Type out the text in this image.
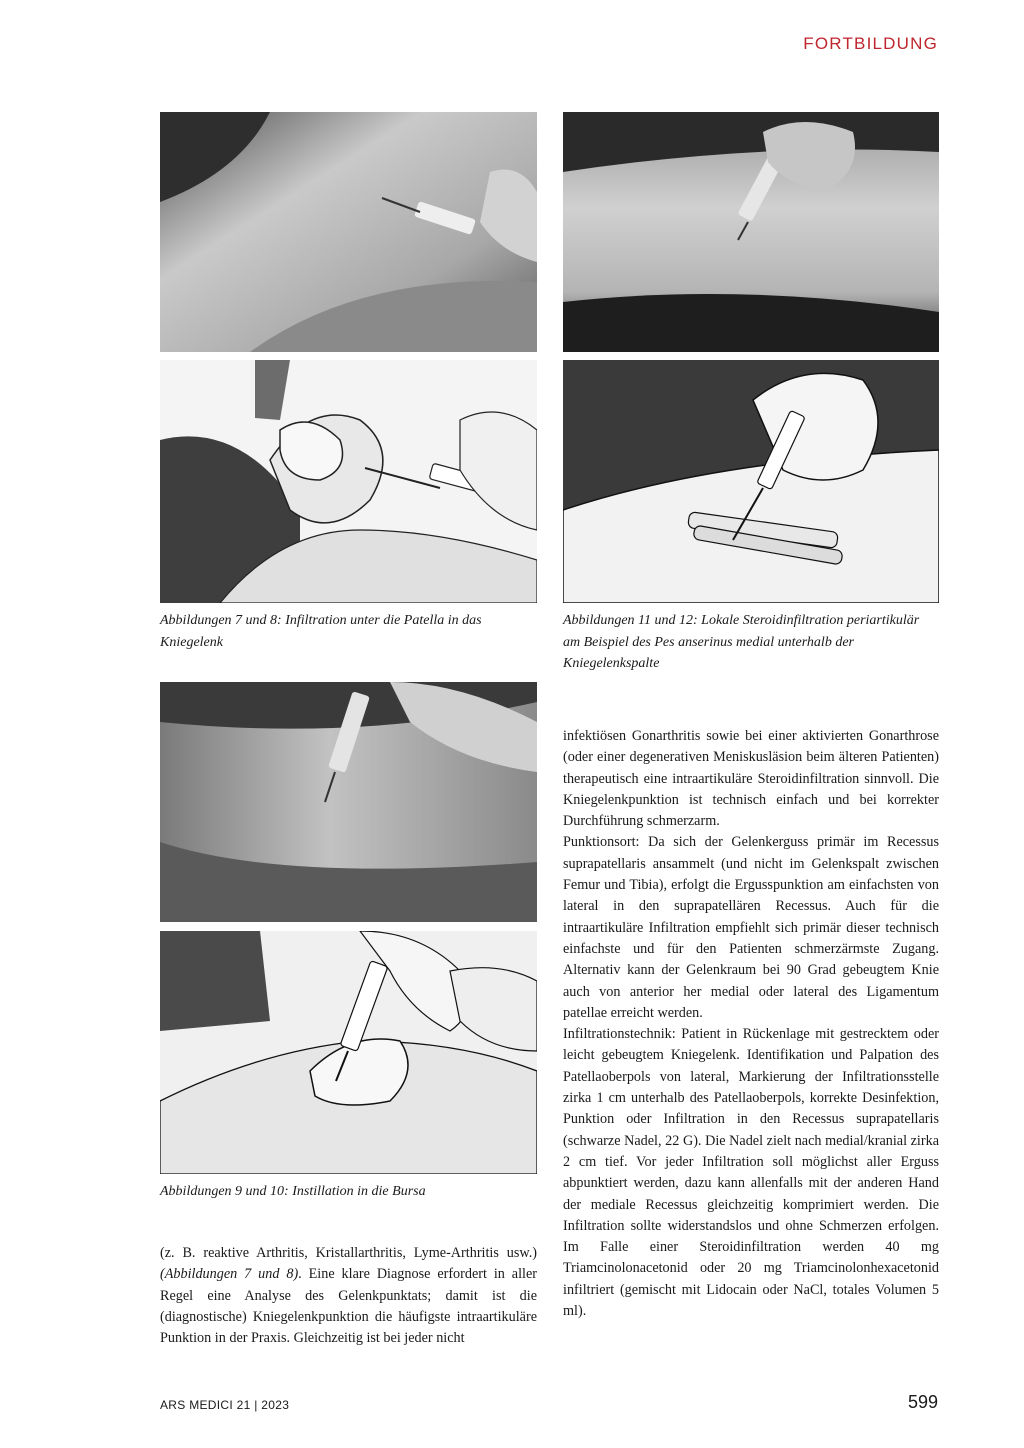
FORTBILDUNG
Abbildungen 7 und 8: Infiltration unter die Patella in das Kniegelenk
Abbildungen 11 und 12: Lokale Steroidinfiltration periartikulär am Beispiel des Pes anserinus medial unterhalb der Kniegelenkspalte
Abbildungen 9 und 10: Instillation in die Bursa

(z. B. reaktive Arthritis, Kristallarthritis, Lyme-Arthritis usw.) (Abbildungen 7 und 8). Eine klare Diagnose erfordert in aller Regel eine Analyse des Gelenkpunktats; damit ist die (diagnostische) Kniegelenkpunktion die häufigste intraartikuläre Punktion in der Praxis. Gleichzeitig ist bei jeder nicht

infektiösen Gonarthritis sowie bei einer aktivierten Gonarthrose (oder einer degenerativen Meniskusläsion beim älteren Patienten) therapeutisch eine intraartikuläre Steroidinfiltration sinnvoll. Die Kniegelenkpunktion ist technisch einfach und bei korrekter Durchführung schmerzarm.

Punktionsort: Da sich der Gelenkerguss primär im Recessus suprapatellaris ansammelt (und nicht im Gelenkspalt zwischen Femur und Tibia), erfolgt die Ergusspunktion am einfachsten von lateral in den suprapatellären Recessus. Auch für die intraartikuläre Infiltration empfiehlt sich primär dieser technisch einfachste und für den Patienten schmerzärmste Zugang. Alternativ kann der Gelenkraum bei 90 Grad gebeugtem Knie auch von anterior her medial oder lateral des Ligamentum patellae erreicht werden.

Infiltrationstechnik: Patient in Rückenlage mit gestrecktem oder leicht gebeugtem Kniegelenk. Identifikation und Palpation des Patellaoberpols von lateral, Markierung der Infiltrationsstelle zirka 1 cm unterhalb des Patellaoberpols, korrekte Desinfektion, Punktion oder Infiltration in den Recessus suprapatellaris (schwarze Nadel, 22 G). Die Nadel zielt nach medial/kranial zirka 2 cm tief. Vor jeder Infiltration soll möglichst aller Erguss abpunktiert werden, dazu kann allenfalls mit der anderen Hand der mediale Recessus gleichzeitig komprimiert werden. Die Infiltration sollte widerstandslos und ohne Schmerzen erfolgen. Im Falle einer Steroidinfiltration werden 40 mg Triamcinolonacetonid oder 20 mg Triamcinolonhexacetonid infiltriert (gemischt mit Lidocain oder NaCl, totales Volumen 5 ml).

ARS MEDICI 21 | 2023	599
